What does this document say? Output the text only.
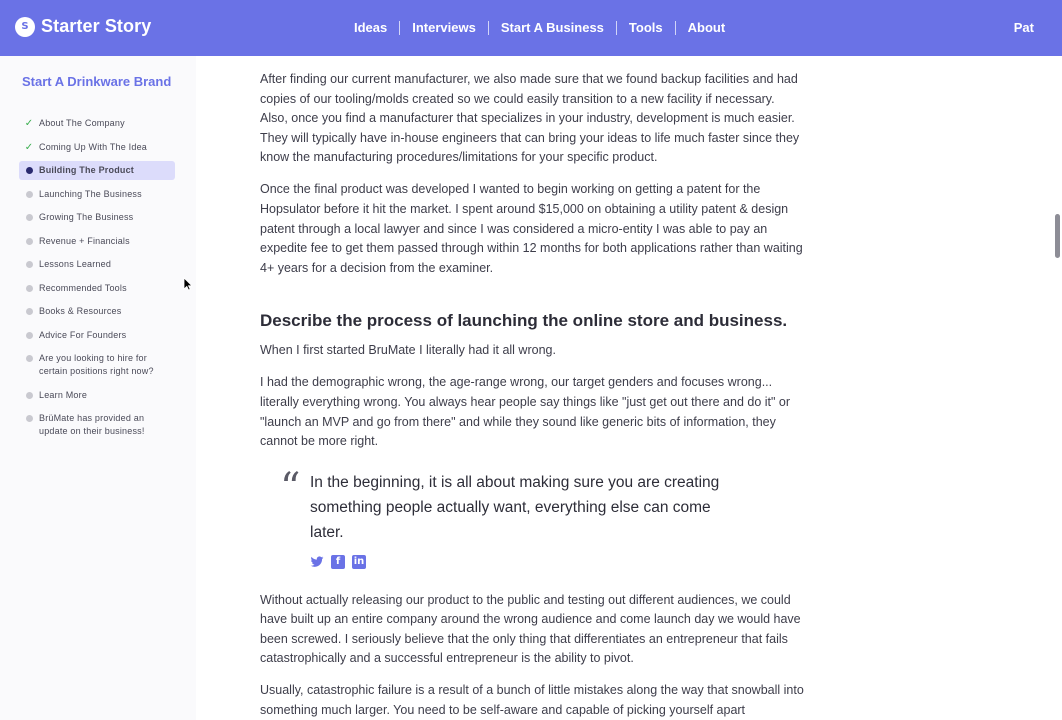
S Starter Story	Ideas	Interviews	Start A Business	Tools	About	Pat
Start A Drinkware Brand
✓ About The Company
✓ Coming Up With The Idea
Building The Product
Launching The Business
Growing The Business
Revenue + Financials
Lessons Learned
Recommended Tools
Books & Resources
Advice For Founders
Are you looking to hire for certain positions right now?
Learn More
BrüMate has provided an update on their business!

After finding our current manufacturer, we also made sure that we found backup facilities and had copies of our tooling/molds created so we could easily transition to a new facility if necessary. Also, once you find a manufacturer that specializes in your industry, development is much easier. They will typically have in-house engineers that can bring your ideas to life much faster since they know the manufacturing procedures/limitations for your specific product.

Once the final product was developed I wanted to begin working on getting a patent for the Hopsulator before it hit the market. I spent around $15,000 on obtaining a utility patent & design patent through a local lawyer and since I was considered a micro-entity I was able to pay an expedite fee to get them passed through within 12 months for both applications rather than waiting 4+ years for a decision from the examiner.

Describe the process of launching the online store and business.

When I first started BruMate I literally had it all wrong.

I had the demographic wrong, the age-range wrong, our target genders and focuses wrong... literally everything wrong. You always hear people say things like "just get out there and do it" or "launch an MVP and go from there" and while they sound like generic bits of information, they cannot be more right.

“ In the beginning, it is all about making sure you are creating something people actually want, everything else can come later.
f	in

Without actually releasing our product to the public and testing out different audiences, we could have built up an entire company around the wrong audience and come launch day we would have been screwed. I seriously believe that the only thing that differentiates an entrepreneur that fails catastrophically and a successful entrepreneur is the ability to pivot.

Usually, catastrophic failure is a result of a bunch of little mistakes along the way that snowball into something much larger. You need to be self-aware and capable of picking yourself apart
